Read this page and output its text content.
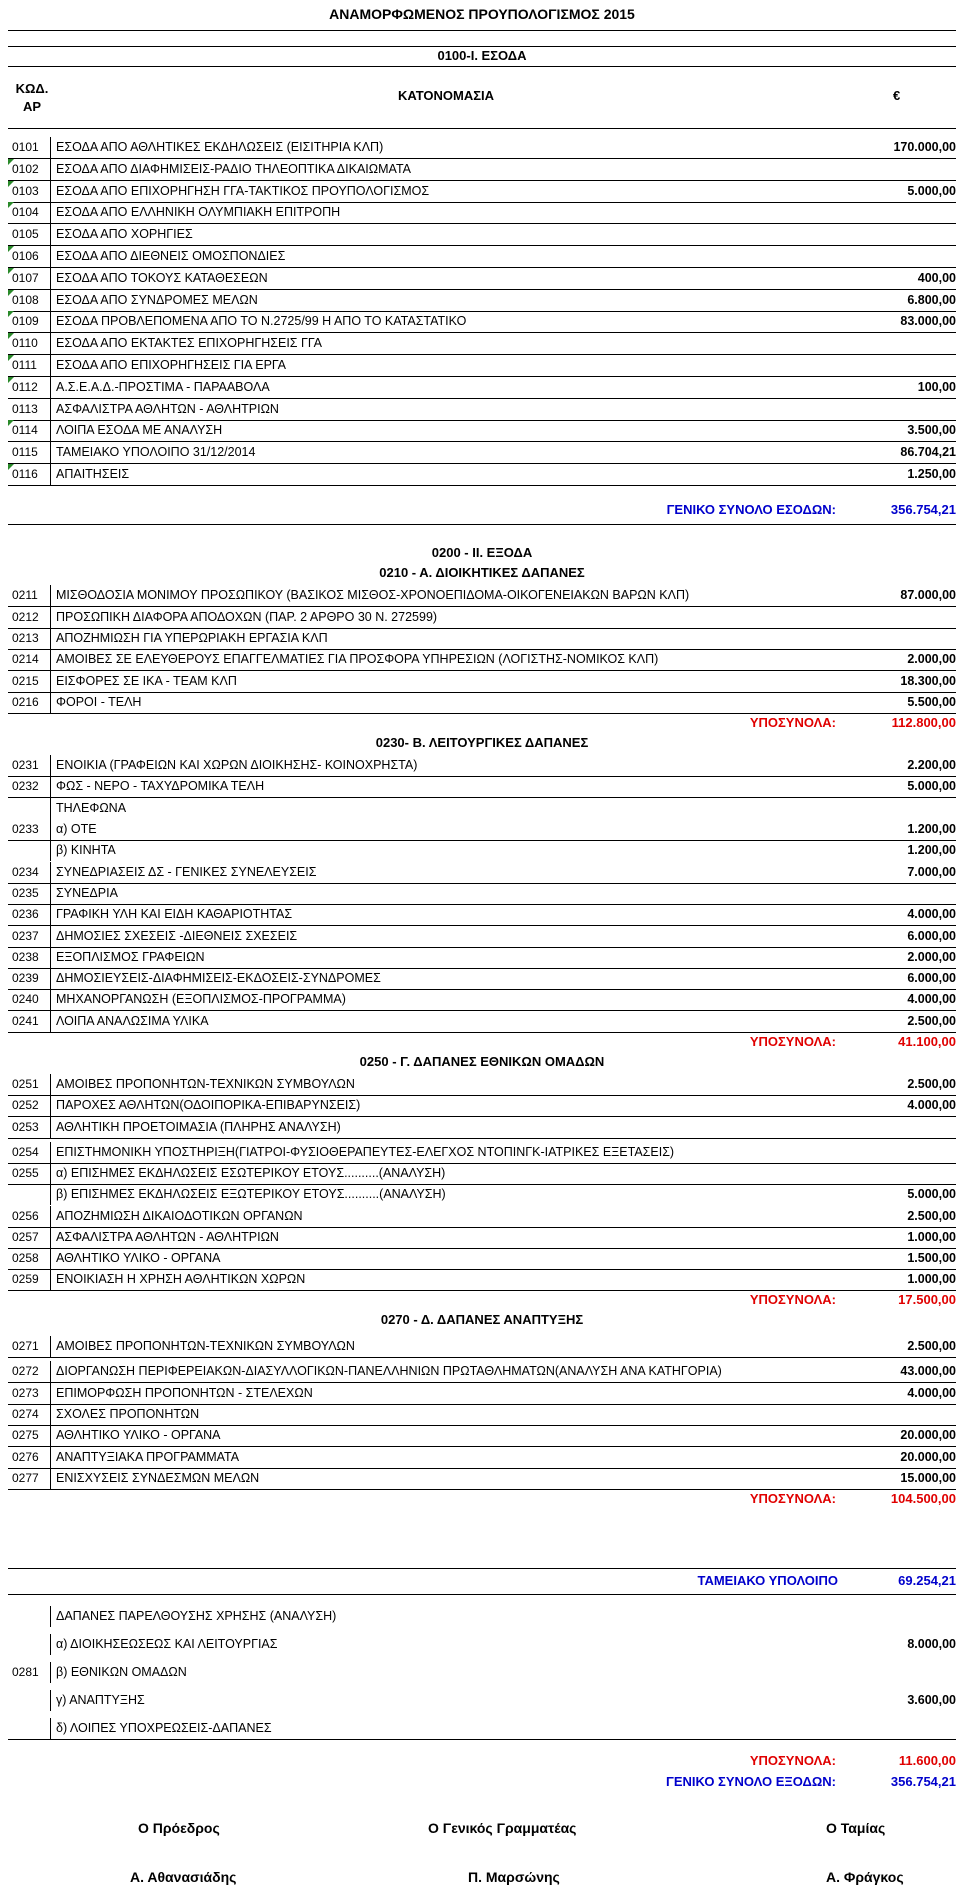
ΑΝΑΜΟΡΦΩΜΕΝΟΣ ΠΡΟΥΠΟΛΟΓΙΣΜΟΣ 2015
0100-Ι. ΕΣΟΔΑ
ΚΩΔ. ΑΡ
ΚΑΤΟΝΟΜΑΣΙΑ	€
0101 ΕΣΟΔΑ ΑΠΟ ΑΘΛΗΤΙΚΕΣ ΕΚΔΗΛΩΣΕΙΣ (ΕΙΣΙΤΗΡΙΑ ΚΛΠ)	170.000,00
0102 ΕΣΟΔΑ ΑΠΟ ΔΙΑΦΗΜΙΣΕΙΣ-ΡΑΔΙΟ ΤΗΛΕΟΠΤΙΚΑ ΔΙΚΑΙΩΜΑΤΑ
0103 ΕΣΟΔΑ ΑΠΟ ΕΠΙΧΟΡΗΓΗΣΗ ΓΓΑ-ΤΑΚΤΙΚΟΣ ΠΡΟΥΠΟΛΟΓΙΣΜΟΣ	5.000,00
0104 ΕΣΟΔΑ ΑΠΟ ΕΛΛΗΝΙΚΗ ΟΛΥΜΠΙΑΚΗ ΕΠΙΤΡΟΠΗ
0105 ΕΣΟΔΑ ΑΠΟ ΧΟΡΗΓΙΕΣ
0106 ΕΣΟΔΑ ΑΠΟ ΔΙΕΘΝΕΙΣ ΟΜΟΣΠΟΝΔΙΕΣ
0107 ΕΣΟΔΑ ΑΠΟ ΤΟΚΟΥΣ ΚΑΤΑΘΕΣΕΩΝ	400,00
0108 ΕΣΟΔΑ ΑΠΟ ΣΥΝΔΡΟΜΕΣ ΜΕΛΩΝ	6.800,00
0109 ΕΣΟΔΑ ΠΡΟΒΛΕΠΟΜΕΝΑ ΑΠΟ ΤΟ Ν.2725/99 Η ΑΠΟ ΤΟ ΚΑΤΑΣΤΑΤΙΚΟ	83.000,00
0110 ΕΣΟΔΑ ΑΠΟ ΕΚΤΑΚΤΕΣ ΕΠΙΧΟΡΗΓΗΣΕΙΣ ΓΓΑ
0111 ΕΣΟΔΑ ΑΠΟ ΕΠΙΧΟΡΗΓΗΣΕΙΣ ΓΙΑ ΕΡΓΑ
0112 Α.Σ.Ε.Α.Δ.-ΠΡΟΣΤΙΜΑ - ΠΑΡΑΑΒΟΛΑ	100,00
0113 ΑΣΦΑΛΙΣΤΡΑ ΑΘΛΗΤΩΝ - ΑΘΛΗΤΡΙΩΝ
0114 ΛΟΙΠΑ ΕΣΟΔΑ ΜΕ ΑΝΑΛΥΣΗ	3.500,00
0115 ΤΑΜΕΙΑΚΟ ΥΠΟΛΟΙΠΟ 31/12/2014	86.704,21
0116 ΑΠΑΙΤΗΣΕΙΣ	1.250,00
ΓΕΝΙΚΟ ΣΥΝΟΛΟ ΕΣΟΔΩΝ:	356.754,21
0200 - ΙΙ. ΕΞΟΔΑ
0210 - Α. ΔΙΟΙΚΗΤΙΚΕΣ ΔΑΠΑΝΕΣ
0211 ΜΙΣΘΟΔΟΣΙΑ ΜΟΝΙΜΟΥ ΠΡΟΣΩΠΙΚΟΥ (ΒΑΣΙΚΟΣ ΜΙΣΘΟΣ-ΧΡΟΝΟΕΠΙΔΟΜΑ-ΟΙΚΟΓΕΝΕΙΑΚΩΝ ΒΑΡΩΝ ΚΛΠ)	87.000,00
0212 ΠΡΟΣΩΠΙΚΗ ΔΙΑΦΟΡΑ ΑΠΟΔΟΧΩΝ (ΠΑΡ. 2 ΑΡΘΡΟ 30 Ν. 272599)
0213 ΑΠΟΖΗΜΙΩΣΗ ΓΙΑ ΥΠΕΡΩΡΙΑΚΗ ΕΡΓΑΣΙΑ ΚΛΠ
0214 ΑΜΟΙΒΕΣ ΣΕ ΕΛΕΥΘΕΡΟΥΣ ΕΠΑΓΓΕΛΜΑΤΙΕΣ ΓΙΑ ΠΡΟΣΦΟΡΑ ΥΠΗΡΕΣΙΩΝ (ΛΟΓΙΣΤΗΣ-ΝΟΜΙΚΟΣ ΚΛΠ)	2.000,00
0215 ΕΙΣΦΟΡΕΣ ΣΕ ΙΚΑ - ΤΕΑΜ ΚΛΠ	18.300,00
0216 ΦΟΡΟΙ - ΤΕΛΗ	5.500,00
ΥΠΟΣΥΝΟΛΑ:	112.800,00
0230- Β. ΛΕΙΤΟΥΡΓΙΚΕΣ ΔΑΠΑΝΕΣ
0231 ΕΝΟΙΚΙΑ (ΓΡΑΦΕΙΩΝ ΚΑΙ ΧΩΡΩΝ ΔΙΟΙΚΗΣΗΣ- ΚΟΙΝΟΧΡΗΣΤΑ)	2.200,00
0232 ΦΩΣ - ΝΕΡΟ - ΤΑΧΥΔΡΟΜΙΚΑ ΤΕΛΗ	5.000,00
ΤΗΛΕΦΩΝΑ
0233 α) ΟΤΕ	1.200,00
β) ΚΙΝΗΤΑ	1.200,00
0234 ΣΥΝΕΔΡΙΑΣΕΙΣ ΔΣ - ΓΕΝΙΚΕΣ ΣΥΝΕΛΕΥΣΕΙΣ	7.000,00
0235 ΣΥΝΕΔΡΙΑ
0236 ΓΡΑΦΙΚΗ ΥΛΗ ΚΑΙ ΕΙΔΗ ΚΑΘΑΡΙΟΤΗΤΑΣ	4.000,00
0237 ΔΗΜΟΣΙΕΣ ΣΧΕΣΕΙΣ -ΔΙΕΘΝΕΙΣ ΣΧΕΣΕΙΣ	6.000,00
0238 ΕΞΟΠΛΙΣΜΟΣ ΓΡΑΦΕΙΩΝ	2.000,00
0239 ΔΗΜΟΣΙΕΥΣΕΙΣ-ΔΙΑΦΗΜΙΣΕΙΣ-ΕΚΔΟΣΕΙΣ-ΣΥΝΔΡΟΜΕΣ	6.000,00
0240 ΜΗΧΑΝΟΡΓΑΝΩΣΗ (ΕΞΟΠΛΙΣΜΟΣ-ΠΡΟΓΡΑΜΜΑ)	4.000,00
0241 ΛΟΙΠΑ ΑΝΑΛΩΣΙΜΑ ΥΛΙΚΑ	2.500,00
ΥΠΟΣΥΝΟΛΑ:	41.100,00
0250 - Γ. ΔΑΠΑΝΕΣ ΕΘΝΙΚΩΝ ΟΜΑΔΩΝ
0251 ΑΜΟΙΒΕΣ ΠΡΟΠΟΝΗΤΩΝ-ΤΕΧΝΙΚΩΝ ΣΥΜΒΟΥΛΩΝ	2.500,00
0252 ΠΑΡΟΧΕΣ ΑΘΛΗΤΩΝ(ΟΔΟΙΠΟΡΙΚΑ-ΕΠΙΒΑΡΥΝΣΕΙΣ)	4.000,00
0253 ΑΘΛΗΤΙΚΗ ΠΡΟΕΤΟΙΜΑΣΙΑ (ΠΛΗΡΗΣ ΑΝΑΛΥΣΗ)
0254 ΕΠΙΣΤΗΜΟΝΙΚΗ ΥΠΟΣΤΗΡΙΞΗ(ΓΙΑΤΡΟΙ-ΦΥΣΙΟΘΕΡΑΠΕΥΤΕΣ-ΕΛΕΓΧΟΣ ΝΤΟΠΙΝΓΚ-ΙΑΤΡΙΚΕΣ ΕΞΕΤΑΣΕΙΣ)
0255 α) ΕΠΙΣΗΜΕΣ ΕΚΔΗΛΩΣΕΙΣ ΕΣΩΤΕΡΙΚΟΥ ΕΤΟΥΣ..........(ΑΝΑΛΥΣΗ)
β) ΕΠΙΣΗΜΕΣ ΕΚΔΗΛΩΣΕΙΣ ΕΞΩΤΕΡΙΚΟΥ ΕΤΟΥΣ..........(ΑΝΑΛΥΣΗ)	5.000,00
0256 ΑΠΟΖΗΜΙΩΣΗ ΔΙΚΑΙΟΔΟΤΙΚΩΝ ΟΡΓΑΝΩΝ	2.500,00
0257 ΑΣΦΑΛΙΣΤΡΑ ΑΘΛΗΤΩΝ - ΑΘΛΗΤΡΙΩΝ	1.000,00
0258 ΑΘΛΗΤΙΚΟ ΥΛΙΚΟ - ΟΡΓΑΝΑ	1.500,00
0259 ΕΝΟΙΚΙΑΣΗ Η ΧΡΗΣΗ ΑΘΛΗΤΙΚΩΝ ΧΩΡΩΝ	1.000,00
ΥΠΟΣΥΝΟΛΑ:	17.500,00
0270 - Δ. ΔΑΠΑΝΕΣ ΑΝΑΠΤΥΞΗΣ
0271 ΑΜΟΙΒΕΣ ΠΡΟΠΟΝΗΤΩΝ-ΤΕΧΝΙΚΩΝ ΣΥΜΒΟΥΛΩΝ	2.500,00
0272 ΔΙΟΡΓΑΝΩΣΗ ΠΕΡΙΦΕΡΕΙΑΚΩΝ-ΔΙΑΣΥΛΛΟΓΙΚΩΝ-ΠΑΝΕΛΛΗΝΙΩΝ ΠΡΩΤΑΘΛΗΜΑΤΩΝ(ΑΝΑΛΥΣΗ ΑΝΑ ΚΑΤΗΓΟΡΙΑ)	43.000,00
0273 ΕΠΙΜΟΡΦΩΣΗ ΠΡΟΠΟΝΗΤΩΝ - ΣΤΕΛΕΧΩΝ	4.000,00
0274 ΣΧΟΛΕΣ ΠΡΟΠΟΝΗΤΩΝ
0275 ΑΘΛΗΤΙΚΟ ΥΛΙΚΟ - ΟΡΓΑΝΑ	20.000,00
0276 ΑΝΑΠΤΥΞΙΑΚΑ ΠΡΟΓΡΑΜΜΑΤΑ	20.000,00
0277 ΕΝΙΣΧΥΣΕΙΣ ΣΥΝΔΕΣΜΩΝ ΜΕΛΩΝ	15.000,00
ΥΠΟΣΥΝΟΛΑ:	104.500,00
ΤΑΜΕΙΑΚΟ ΥΠΟΛΟΙΠΟ	69.254,21
ΔΑΠΑΝΕΣ ΠΑΡΕΛΘΟΥΣΗΣ ΧΡΗΣΗΣ (ΑΝΑΛΥΣΗ)
α) ΔΙΟΙΚΗΣΕΩΣΕΩΣ ΚΑΙ ΛΕΙΤΟΥΡΓΙΑΣ	8.000,00
0281 β) ΕΘΝΙΚΩΝ ΟΜΑΔΩΝ
γ) ΑΝΑΠΤΥΞΗΣ	3.600,00
δ) ΛΟΙΠΕΣ ΥΠΟΧΡΕΩΣΕΙΣ-ΔΑΠΑΝΕΣ
ΥΠΟΣΥΝΟΛΑ:	11.600,00
ΓΕΝΙΚΟ ΣΥΝΟΛΟ ΕΞΟΔΩΝ:	356.754,21
Ο Πρόεδρος	Ο Γενικός Γραμματέας	Ο Ταμίας
Α. Αθανασιάδης	Π. Μαρσώνης	Α. Φράγκος
